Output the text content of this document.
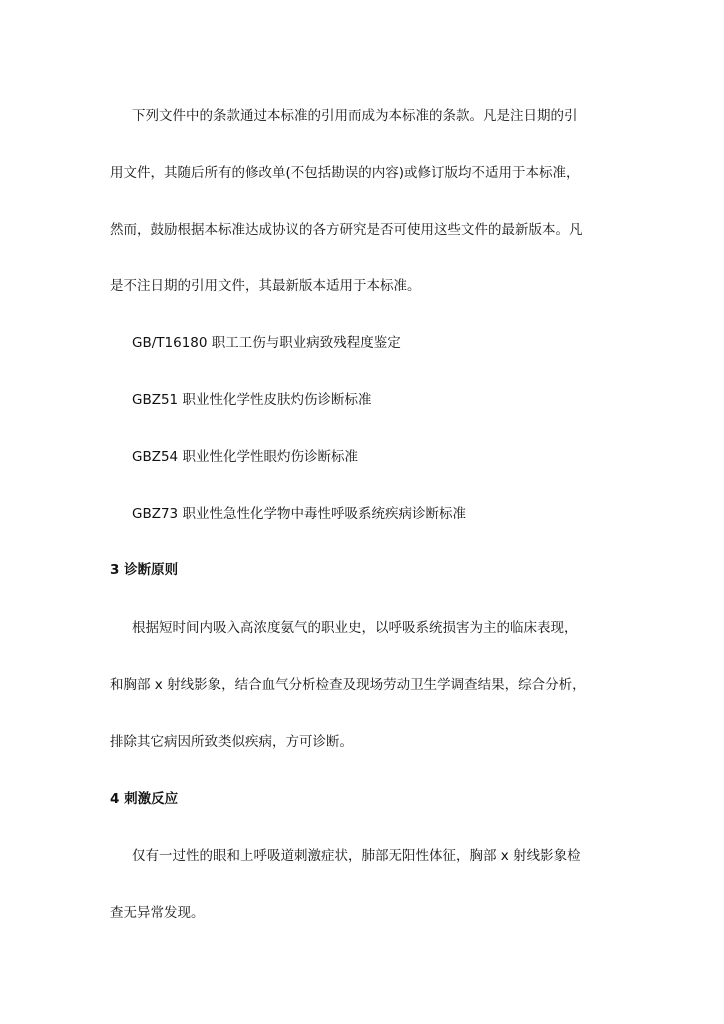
下列文件中的条款通过本标准的引用而成为本标准的条款。凡是注日期的引
用文件，其随后所有的修改单(不包括勘误的内容)或修订版均不适用于本标准，
然而，鼓励根据本标准达成协议的各方研究是否可使用这些文件的最新版本。凡
是不注日期的引用文件，其最新版本适用于本标准。
GB/T16180 职工工伤与职业病致残程度鉴定
GBZ51 职业性化学性皮肤灼伤诊断标准
GBZ54 职业性化学性眼灼伤诊断标准
GBZ73 职业性急性化学物中毒性呼吸系统疾病诊断标准
3 诊断原则
根据短时间内吸入高浓度氨气的职业史，以呼吸系统损害为主的临床表现，
和胸部 x 射线影象，结合血气分析检查及现场劳动卫生学调查结果，综合分析，
排除其它病因所致类似疾病，方可诊断。
4 刺激反应
仅有一过性的眼和上呼吸道刺激症状，肺部无阳性体征，胸部 x 射线影象检
查无异常发现。
